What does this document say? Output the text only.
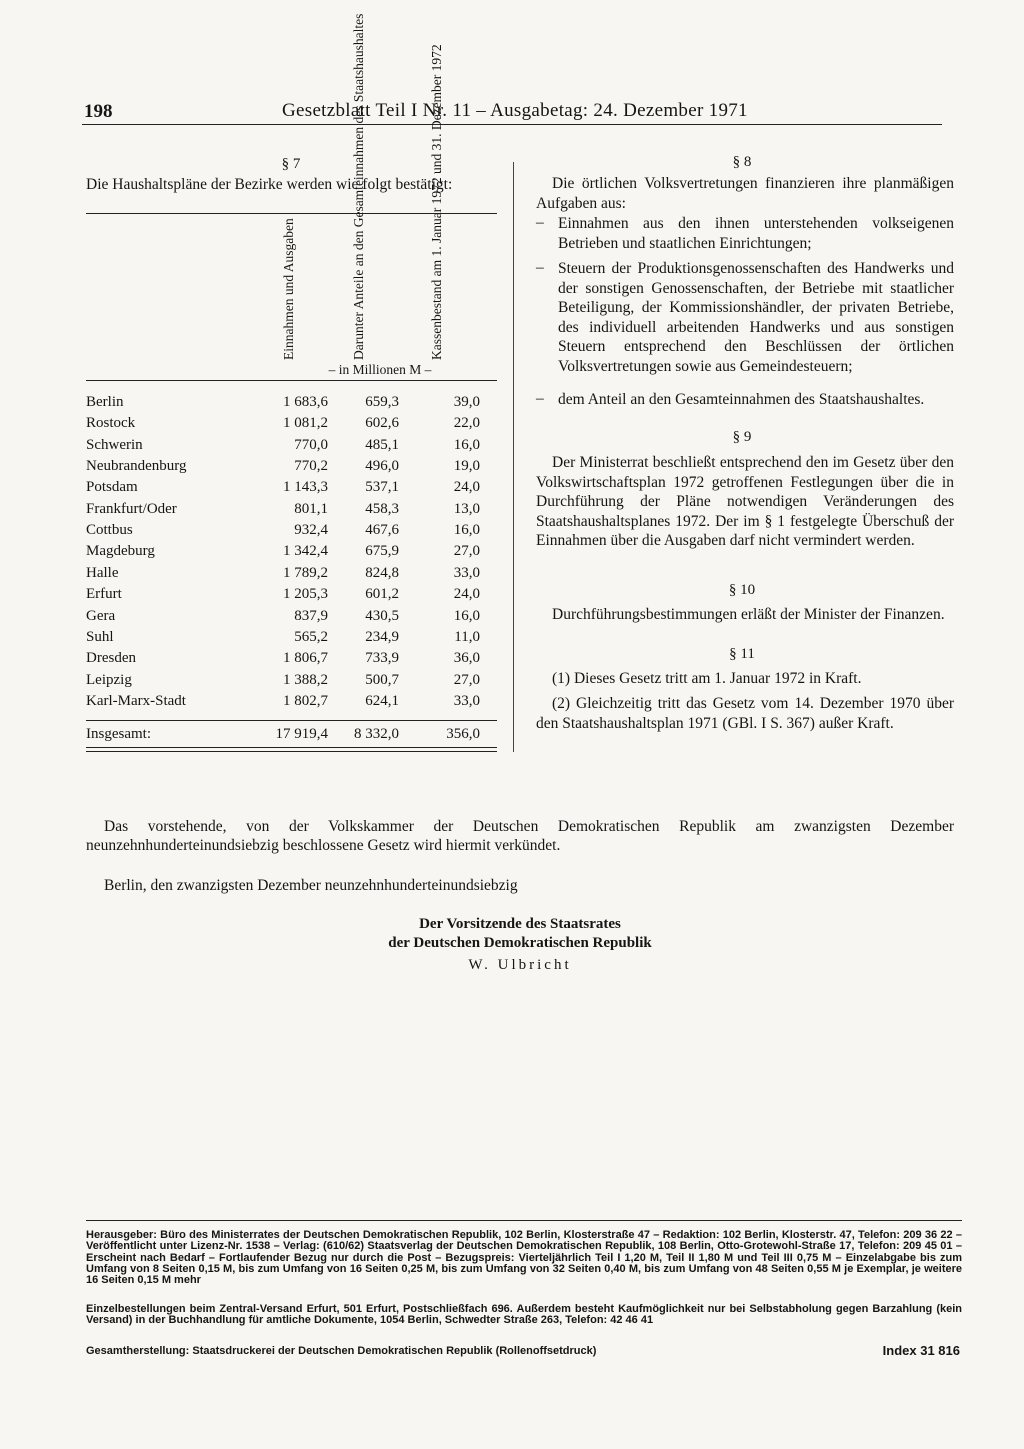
198	Gesetzblatt Teil I Nr. 11 – Ausgabetag: 24. Dezember 1971
§ 7
Die Haushaltspläne der Bezirke werden wie folgt bestätigt:
Einnahmen und Ausgaben	Darunter Anteile an den Gesamteinnahmen des Staatshaushaltes	Kassenbestand am 1. Januar 1972 und 31. Dezember 1972
– in Millionen M –
Berlin	1 683,6	659,3	39,0
Rostock	1 081,2	602,6	22,0
Schwerin	770,0	485,1	16,0
Neubrandenburg	770,2	496,0	19,0
Potsdam	1 143,3	537,1	24,0
Frankfurt/Oder	801,1	458,3	13,0
Cottbus	932,4	467,6	16,0
Magdeburg	1 342,4	675,9	27,0
Halle	1 789,2	824,8	33,0
Erfurt	1 205,3	601,2	24,0
Gera	837,9	430,5	16,0
Suhl	565,2	234,9	11,0
Dresden	1 806,7	733,9	36,0
Leipzig	1 388,2	500,7	27,0
Karl-Marx-Stadt	1 802,7	624,1	33,0
Insgesamt:	17 919,4	8 332,0	356,0
§ 8
Die örtlichen Volksvertretungen finanzieren ihre planmäßigen Aufgaben aus:
– Einnahmen aus den ihnen unterstehenden volkseigenen Betrieben und staatlichen Einrichtungen;
– Steuern der Produktionsgenossenschaften des Handwerks und der sonstigen Genossenschaften, der Betriebe mit staatlicher Beteiligung, der Kommissionshändler, der privaten Betriebe, des individuell arbeitenden Handwerks und aus sonstigen Steuern entsprechend den Beschlüssen der örtlichen Volksvertretungen sowie aus Gemeindesteuern;
– dem Anteil an den Gesamteinnahmen des Staatshaushaltes.
§ 9
Der Ministerrat beschließt entsprechend den im Gesetz über den Volkswirtschaftsplan 1972 getroffenen Festlegungen über die in Durchführung der Pläne notwendigen Veränderungen des Staatshaushaltsplanes 1972. Der im § 1 festgelegte Überschuß der Einnahmen über die Ausgaben darf nicht vermindert werden.
§ 10
Durchführungsbestimmungen erläßt der Minister der Finanzen.
§ 11
(1) Dieses Gesetz tritt am 1. Januar 1972 in Kraft.
(2) Gleichzeitig tritt das Gesetz vom 14. Dezember 1970 über den Staatshaushaltsplan 1971 (GBl. I S. 367) außer Kraft.
Das vorstehende, von der Volkskammer der Deutschen Demokratischen Republik am zwanzigsten Dezember neunzehnhunderteinundsiebzig beschlossene Gesetz wird hiermit verkündet.
Berlin, den zwanzigsten Dezember neunzehnhunderteinundsiebzig
Der Vorsitzende des Staatsrates
der Deutschen Demokratischen Republik
W. Ulbricht
Herausgeber: Büro des Ministerrates der Deutschen Demokratischen Republik, 102 Berlin, Klosterstraße 47 – Redaktion: 102 Berlin, Klosterstr. 47, Telefon: 209 36 22 – Veröffentlicht unter Lizenz-Nr. 1538 – Verlag: (610/62) Staatsverlag der Deutschen Demokratischen Republik, 108 Berlin, Otto-Grotewohl-Straße 17, Telefon: 209 45 01 – Erscheint nach Bedarf – Fortlaufender Bezug nur durch die Post – Bezugspreis: Vierteljährlich Teil I 1,20 M, Teil II 1,80 M und Teil III 0,75 M – Einzelabgabe bis zum Umfang von 8 Seiten 0,15 M, bis zum Umfang von 16 Seiten 0,25 M, bis zum Umfang von 32 Seiten 0,40 M, bis zum Umfang von 48 Seiten 0,55 M je Exemplar, je weitere 16 Seiten 0,15 M mehr
Einzelbestellungen beim Zentral-Versand Erfurt, 501 Erfurt, Postschließfach 696. Außerdem besteht Kaufmöglichkeit nur bei Selbstabholung gegen Barzahlung (kein Versand) in der Buchhandlung für amtliche Dokumente, 1054 Berlin, Schwedter Straße 263, Telefon: 42 46 41
Gesamtherstellung: Staatsdruckerei der Deutschen Demokratischen Republik (Rollenoffsetdruck)	Index 31 816
